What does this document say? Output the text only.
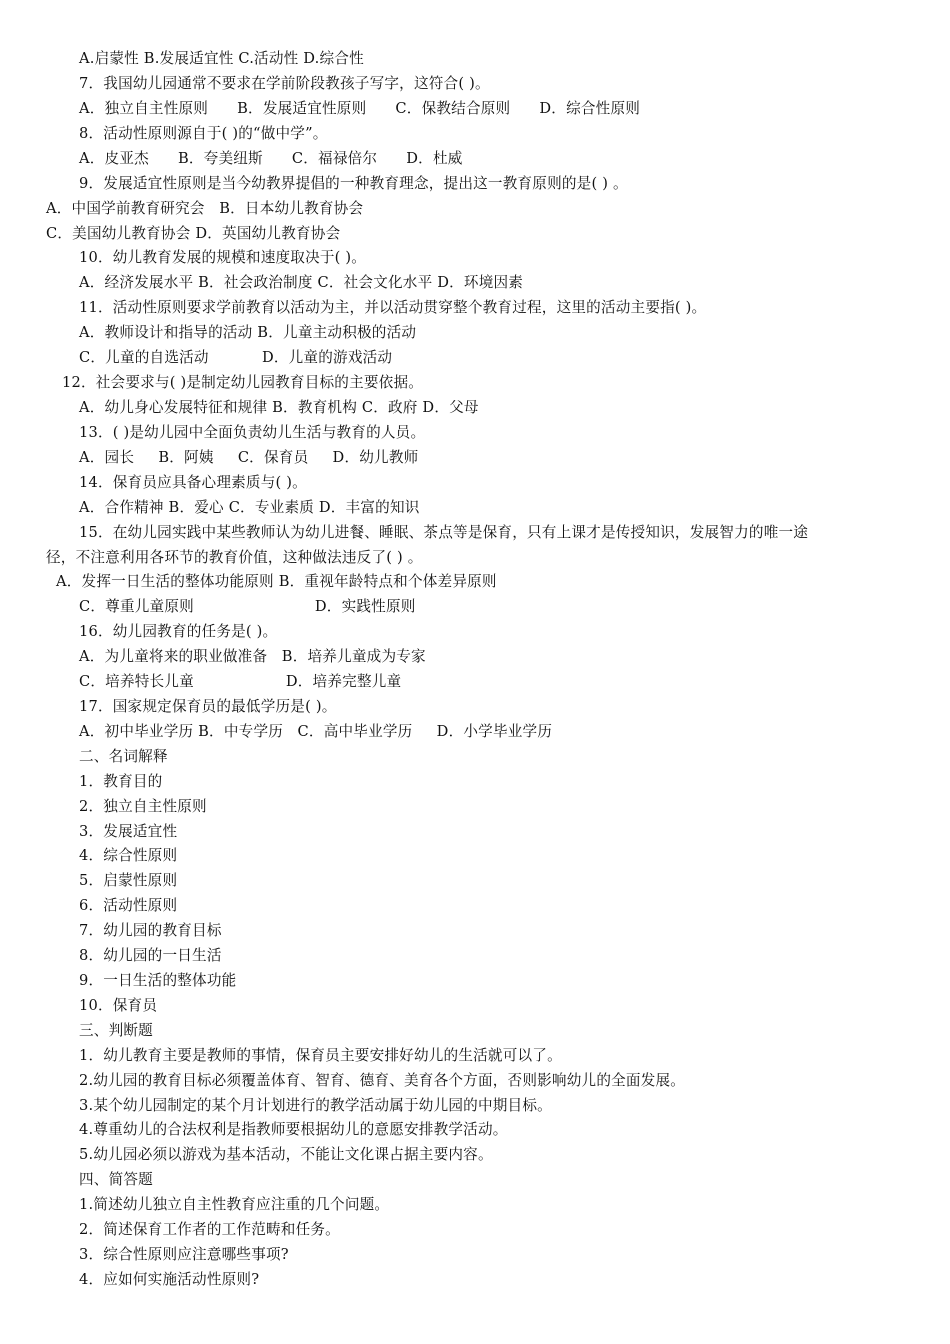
A.启蒙性 B.发展适宜性 C.活动性 D.综合性
7．我国幼儿园通常不要求在学前阶段教孩子写字，这符合( )。
A．独立自主性原则      B．发展适宜性原则      C．保教结合原则      D．综合性原则
8．活动性原则源自于( )的“做中学”。
A．皮亚杰      B．夸美纽斯      C．福禄倍尔      D．杜威
9．发展适宜性原则是当今幼教界提倡的一种教育理念，提出这一教育原则的是( ) 。
A．中国学前教育研究会   B．日本幼儿教育协会
C．美国幼儿教育协会 D．英国幼儿教育协会
10．幼儿教育发展的规模和速度取决于( )。
A．经济发展水平 B．社会政治制度 C．社会文化水平 D．环境因素
11．活动性原则要求学前教育以活动为主，并以活动贯穿整个教育过程，这里的活动主要指( )。
A．教师设计和指导的活动 B．儿童主动积极的活动
C．儿童的自选活动           D．儿童的游戏活动
12．社会要求与( )是制定幼儿园教育目标的主要依据。
A．幼儿身心发展特征和规律 B．教育机构 C．政府 D．父母
13．( )是幼儿园中全面负责幼儿生活与教育的人员。
A．园长     B．阿姨     C．保育员     D．幼儿教师
14．保育员应具备心理素质与( )。
A．合作精神 B．爱心 C．专业素质 D．丰富的知识
15．在幼儿园实践中某些教师认为幼儿进餐、睡眠、茶点等是保育，只有上课才是传授知识，发展智力的唯一途
径，不注意利用各环节的教育价值，这种做法违反了( ) 。
A．发挥一日生活的整体功能原则 B．重视年龄特点和个体差异原则
C．尊重儿童原则                         D．实践性原则
16．幼儿园教育的任务是( )。
A．为儿童将来的职业做准备   B．培养儿童成为专家
C．培养特长儿童                   D．培养完整儿童
17．国家规定保育员的最低学历是( )。
A．初中毕业学历 B．中专学历   C．高中毕业学历     D．小学毕业学历
二、名词解释
1．教育目的
2．独立自主性原则
3．发展适宜性
4．综合性原则
5．启蒙性原则
6．活动性原则
7．幼儿园的教育目标
8．幼儿园的一日生活
9．一日生活的整体功能
10．保育员
三、判断题
1．幼儿教育主要是教师的事情，保育员主要安排好幼儿的生活就可以了。
2.幼儿园的教育目标必须覆盖体育、智育、德育、美育各个方面，否则影响幼儿的全面发展。
3.某个幼儿园制定的某个月计划进行的教学活动属于幼儿园的中期目标。
4.尊重幼儿的合法权利是指教师要根据幼儿的意愿安排教学活动。
5.幼儿园必须以游戏为基本活动，不能让文化课占据主要内容。
四、简答题
1.简述幼儿独立自主性教育应注重的几个问题。
2．简述保育工作者的工作范畴和任务。
3．综合性原则应注意哪些事项?
4．应如何实施活动性原则?
